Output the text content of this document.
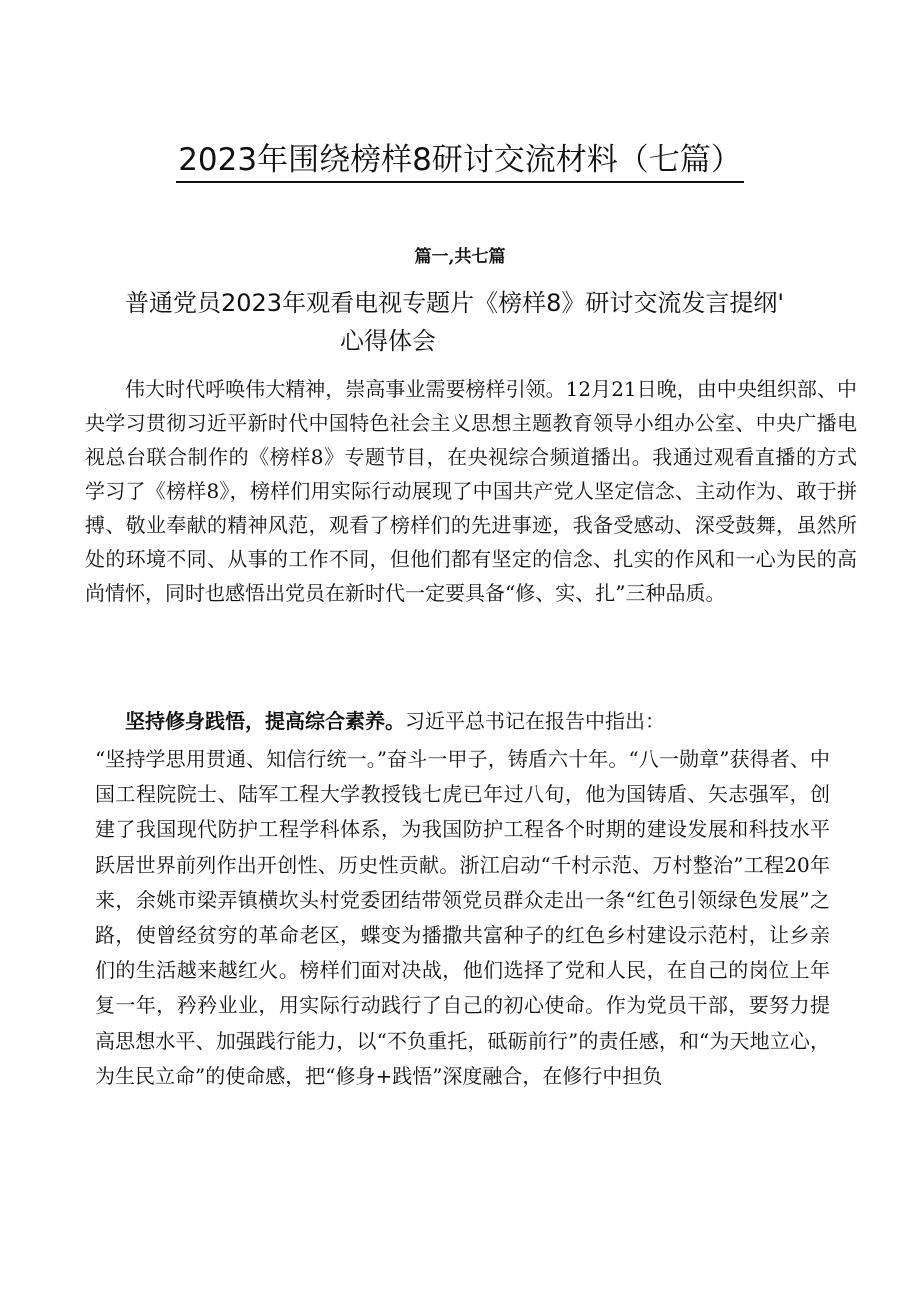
2023年围绕榜样8研讨交流材料（七篇）
篇一,共七篇
普通党员2023年观看电视专题片《榜样8》研讨交流发言提纲'
心得体会
伟大时代呼唤伟大精神，崇高事业需要榜样引领。12月21日晚，由中央组织部、中央学习贯彻习近平新时代中国特色社会主义思想主题教育领导小组办公室、中央广播电视总台联合制作的《榜样8》专题节目，在央视综合频道播出。我通过观看直播的方式学习了《榜样8》，榜样们用实际行动展现了中国共产党人坚定信念、主动作为、敢于拼搏、敬业奉献的精神风范，观看了榜样们的先进事迹，我备受感动、深受鼓舞，虽然所处的环境不同、从事的工作不同，但他们都有坚定的信念、扎实的作风和一心为民的高尚情怀，同时也感悟出党员在新时代一定要具备“修、实、扎”三种品质。
坚持修身践悟，提高综合素养。习近平总书记在报告中指出：
“坚持学思用贯通、知信行统一。”奋斗一甲子，铸盾六十年。“八一勋章”获得者、中国工程院院士、陆军工程大学教授钱七虎已年过八旬，他为国铸盾、矢志强军，创建了我国现代防护工程学科体系，为我国防护工程各个时期的建设发展和科技水平跃居世界前列作出开创性、历史性贡献。浙江启动“千村示范、万村整治”工程20年来，余姚市梁弄镇横坎头村党委团结带领党员群众走出一条“红色引领绿色发展”之路，使曾经贫穷的革命老区，蝶变为播撒共富种子的红色乡村建设示范村，让乡亲们的生活越来越红火。榜样们面对决战，他们选择了党和人民，在自己的岗位上年复一年，矜矜业业，用实际行动践行了自己的初心使命。作为党员干部，要努力提高思想水平、加强践行能力，以“不负重托，砥砺前行”的责任感，和“为天地立心，为生民立命”的使命感，把“修身+践悟”深度融合，在修行中担负
